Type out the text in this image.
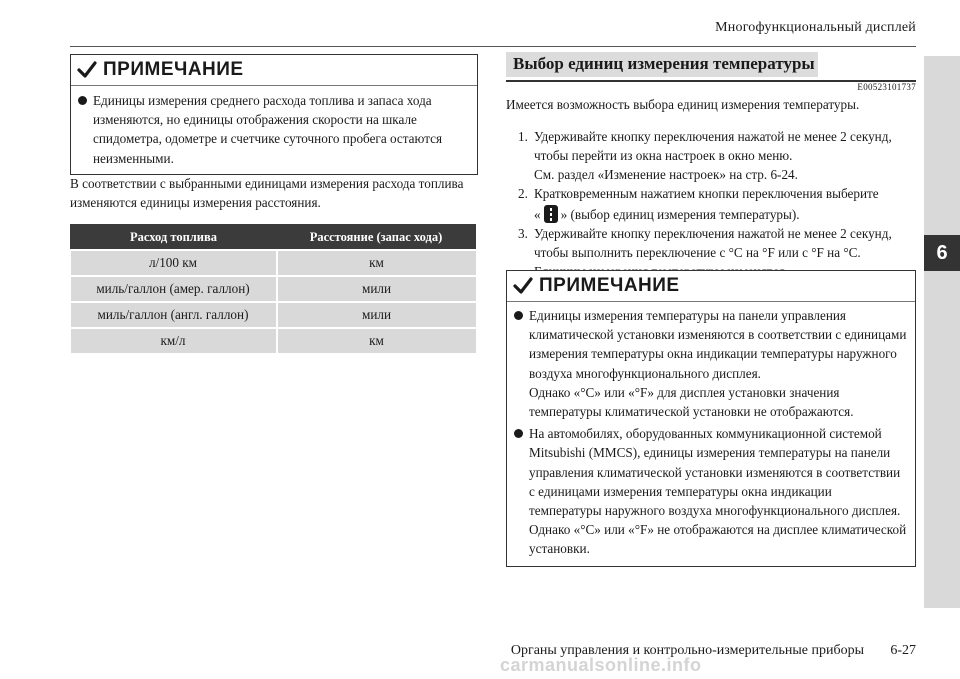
Многофункциональный дисплей
6
ПРИМЕЧАНИЕ
Единицы измерения среднего расхода топлива и запаса хода изменяются, но единицы отображения скорости на шкале спидометра, одометре и счетчике суточного пробега остаются неизменными.
В соответствии с выбранными единицами измерения расхода топлива изменяются единицы измерения расстояния.
Расход топлива	Расстояние (запас хода)
л/100 км	км
миль/галлон (амер. галлон)	мили
миль/галлон (англ. галлон)	мили
км/л	км
Выбор единиц измерения температуры
E00523101737
Имеется возможность выбора единиц измерения температуры.
1. Удерживайте кнопку переключения нажатой не менее 2 секунд, чтобы перейти из окна настроек в окно меню.
См. раздел «Изменение настроек» на стр. 6-24.
2. Кратковременным нажатием кнопки переключения выберите
« » (выбор единиц измерения температуры).
3. Удерживайте кнопку переключения нажатой не менее 2 секунд, чтобы выполнить переключение с °C на °F или с °F на °C.
ПРИМЕЧАНИЕ
Единицы измерения температуры на панели управления климатической установки изменяются в соответствии с единицами измерения температуры окна индикации температуры наружного воздуха многофункционального дисплея.
Однако «°C» или «°F» для дисплея установки значения температуры климатической установки не отображаются.
На автомобилях, оборудованных коммуникационной системой Mitsubishi (MMCS), единицы измерения температуры на панели управления климатической установки изменяются в соответствии с единицами измерения температуры окна индикации температуры наружного воздуха многофункционального дисплея.
Однако «°C» или «°F» не отображаются на дисплее климатической установки.
Органы управления и контрольно-измерительные приборы 6-27
carmanualsonline.info
